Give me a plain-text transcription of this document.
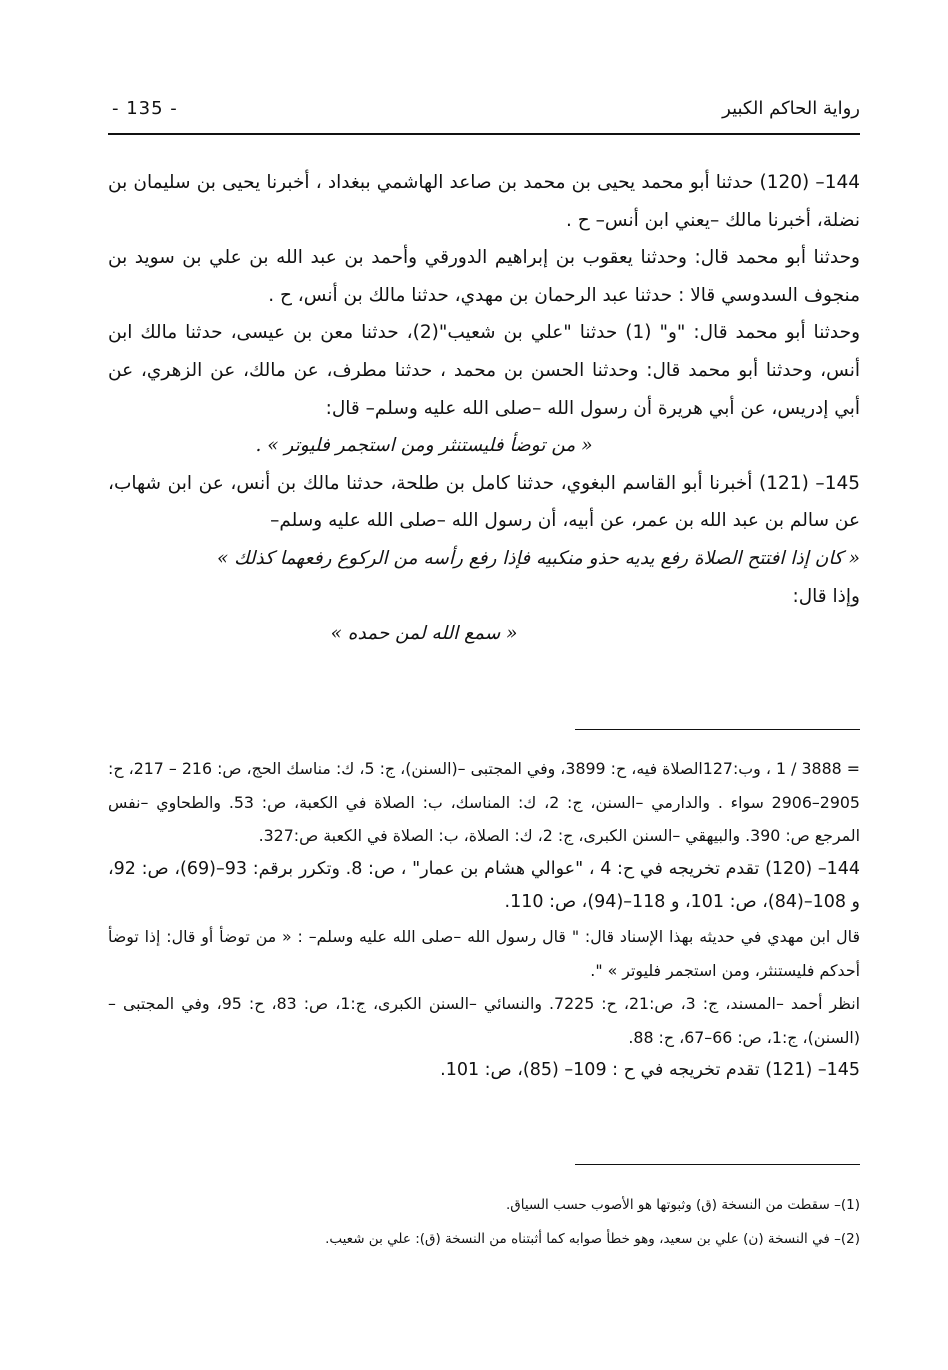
رواية الحاكم الكبير
- 135 -

144– (120) حدثنا أبو محمد يحيى بن محمد بن صاعد الهاشمي ببغداد ، أخبرنا يحيى بن سليمان بن نضلة، أخبرنا مالك –يعني ابن أنس– ح .

وحدثنا أبو محمد قال: وحدثنا يعقوب بن إبراهيم الدورقي وأحمد بن عبد الله بن علي بن سويد بن منجوف السدوسي قالا : حدثنا عبد الرحمان بن مهدي، حدثنا مالك بن أنس، ح .

وحدثنا أبو محمد قال: "و" (1) حدثنا "علي بن شعيب"(2)، حدثنا معن بن عيسى، حدثنا مالك ابن أنس، وحدثنا أبو محمد قال: وحدثنا الحسن بن محمد ، حدثنا مطرف، عن مالك، عن الزهري، عن أبي إدريس، عن أبي هريرة أن رسول الله –صلى الله عليه وسلم– قال:

« من توضأ فليستنثر ومن استجمر فليوتر » .

145– (121) أخبرنا أبو القاسم البغوي، حدثنا كامل بن طلحة، حدثنا مالك بن أنس، عن ابن شهاب، عن سالم بن عبد الله بن عمر، عن أبيه، أن رسول الله –صلى الله عليه وسلم–

« كان إذا افتتح الصلاة رفع يديه حذو منكبيه فإذا رفع رأسه من الركوع رفعهما كذلك »

وإذا قال:

« سمع الله لمن حمده »

= 3888 / 1 ، وب:127الصلاة فيه، ح: 3899، وفي المجتبى –(السنن)، ج: 5، ك: مناسك الحج، ص: 216 – 217، ح: 2905–2906 سواء . والدارمي –السنن، ج: 2، ك: المناسك، ب: الصلاة في الكعبة، ص: 53. والطحاوي –نفس المرجع ص: 390. والبيهقي –السنن الكبرى، ج: 2، ك: الصلاة، ب: الصلاة في الكعبة ص:327.

144– (120) تقدم تخريجه في ح: 4 ، "عوالي هشام بن عمار" ، ص: 8. وتكرر برقم: 93–(69)، ص: 92، و 108–(84)، ص: 101، و 118–(94)، ص: 110.

قال ابن مهدي في حديثه بهذا الإسناد قال: " قال رسول الله –صلى الله عليه وسلم– : « من توضأ أو قال: إذا توضأ أحدكم فليستنثر، ومن استجمر فليوتر » ".

انظر أحمد –المسند، ج: 3، ص:21، ح: 7225. والنسائي –السنن الكبرى، ج:1، ص: 83، ح: 95، وفي المجتبى –(السنن)، ج:1، ص: 66–67، ح: 88.

145– (121) تقدم تخريجه في ح : 109– (85)، ص: 101.

(1)– سقطت من النسخة (ق) وثبوتها هو الأصوب حسب السياق.

(2)– في النسخة (ن) علي بن سعيد، وهو خطأ صوابه كما أثبتناه من النسخة (ق): علي بن شعيب.
